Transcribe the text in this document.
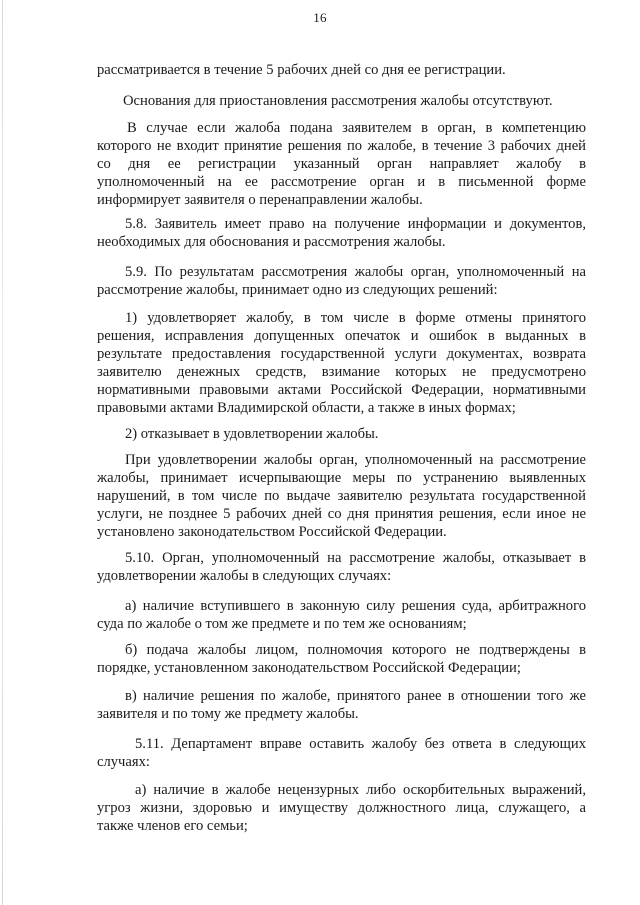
16
рассматривается в течение 5 рабочих дней со дня ее регистрации.
Основания для приостановления рассмотрения жалобы отсутствуют.
В случае если жалоба подана заявителем в орган, в компетенцию
которого не входит принятие решения по жалобе, в течение 3 рабочих дней
со дня ее регистрации указанный орган направляет жалобу в
уполномоченный на ее рассмотрение орган и в письменной форме
информирует заявителя о перенаправлении жалобы.
5.8. Заявитель имеет право на получение информации и документов,
необходимых для обоснования и рассмотрения жалобы.
5.9. По результатам рассмотрения жалобы орган, уполномоченный на
рассмотрение жалобы, принимает одно из следующих решений:
1) удовлетворяет жалобу, в том числе в форме отмены принятого
решения, исправления допущенных опечаток и ошибок в выданных в
результате предоставления государственной услуги документах, возврата
заявителю денежных средств, взимание которых не предусмотрено
нормативными правовыми актами Российской Федерации, нормативными
правовыми актами Владимирской области, а также в иных формах;
2) отказывает в удовлетворении жалобы.
При удовлетворении жалобы орган, уполномоченный на рассмотрение
жалобы, принимает исчерпывающие меры по устранению выявленных
нарушений, в том числе по выдаче заявителю результата государственной
услуги, не позднее 5 рабочих дней со дня принятия решения, если иное не
установлено законодательством Российской Федерации.
5.10. Орган, уполномоченный на рассмотрение жалобы, отказывает в
удовлетворении жалобы в следующих случаях:
а) наличие вступившего в законную силу решения суда, арбитражного
суда по жалобе о том же предмете и по тем же основаниям;
б) подача жалобы лицом, полномочия которого не подтверждены в
порядке, установленном законодательством Российской Федерации;
в) наличие решения по жалобе, принятого ранее в отношении того же
заявителя и по тому же предмету жалобы.
5.11. Департамент вправе оставить жалобу без ответа в следующих
случаях:
а) наличие в жалобе нецензурных либо оскорбительных выражений,
угроз жизни, здоровью и имуществу должностного лица, служащего, а
также членов его семьи;
